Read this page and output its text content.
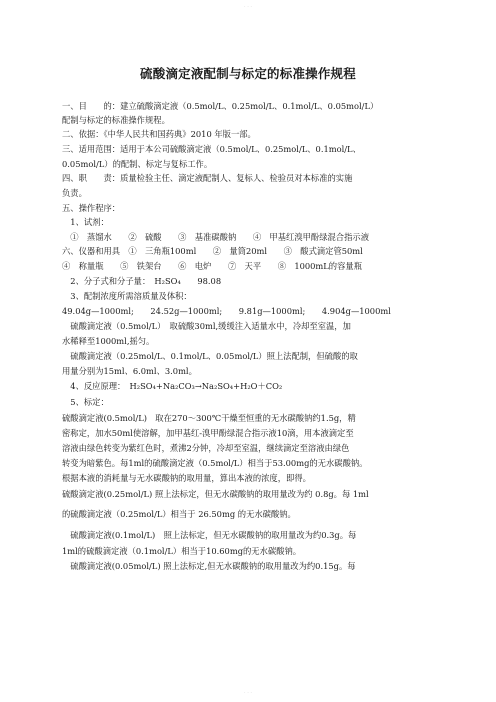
· · ·
硫酸滴定液配制与标定的标准操作规程
一、目　　的：建立硫酸滴定液（0.5mol/L、0.25mol/L、0.1mol/L、0.05mol/L）
配制与标定的标准操作规程。
二、依据：《中华人民共和国药典》2010 年版一部。
三、适用范围：适用于本公司硫酸滴定液（0.5mol/L、0.25mol/L、0.1mol/L、
0.05mol/L）的配制、标定与复标工作。
四、职　　责：质量检验主任、滴定液配制人、复标人、检验员对本标准的实施
负责。
五、操作程序：
　1、试剂：
　①　蒸馏水　　②　硫酸　　③　基准碳酸钠　　④　甲基红溴甲酚绿混合指示液
六、仪器和用具　①　三角瓶100ml　　②　量筒20ml　　③　酸式滴定管50ml
④　称量瓶　　⑤　铁架台　　⑥　电炉　　⑦　天平　　⑧　1000mL的容量瓶
　2、分子式和分子量：　H₂SO₄　　98.08
　3、配制浓度所需溶质量及体积：
49.04g—1000ml;　　24.52g—1000ml;　　9.81g—1000ml;　　4.904g—1000ml
　硫酸滴定液（0.5mol/L）　取硫酸30ml,缓缓注入适量水中，冷却至室温，加
水稀释至1000ml,摇匀。
　硫酸滴定液（0.25mol/L、0.1mol/L、0.05mol/L）照上法配制，但硫酸的取
用量分别为15ml、6.0ml、3.0ml。
　4、反应原理：　H₂SO₄+Na₂CO₃→Na₂SO₄+H₂O＋CO₂
　5、标定：
硫酸滴定液(0.5mol/L)　取在270～300℃干燥至恒重的无水碳酸钠约1.5g，精
密称定，加水50ml使溶解，加甲基红-溴甲酚绿混合指示液10滴，用本液滴定至
溶液由绿色转变为紫红色时，煮沸2分钟，冷却至室温，继续滴定至溶液由绿色
转变为暗紫色。每1ml的硫酸滴定液（0.5mol/L）相当于53.00mg的无水碳酸钠。
根据本液的消耗量与无水碳酸钠的取用量，算出本液的浓度，即得。
硫酸滴定液(0.25mol/L) 照上法标定，但无水碳酸钠的取用量改为约 0.8g。每 1ml
的硫酸滴定液（0.25mol/L）相当于 26.50mg 的无水碳酸钠。
　硫酸滴定液(0.1mol/L)　照上法标定，但无水碳酸钠的取用量改为约0.3g。每
1ml的硫酸滴定液（0.1mol/L）相当于10.60mg的无水碳酸钠。
　硫酸滴定液(0.05mol/L) 照上法标定,但无水碳酸钠的取用量改为约0.15g。每
· · ·
